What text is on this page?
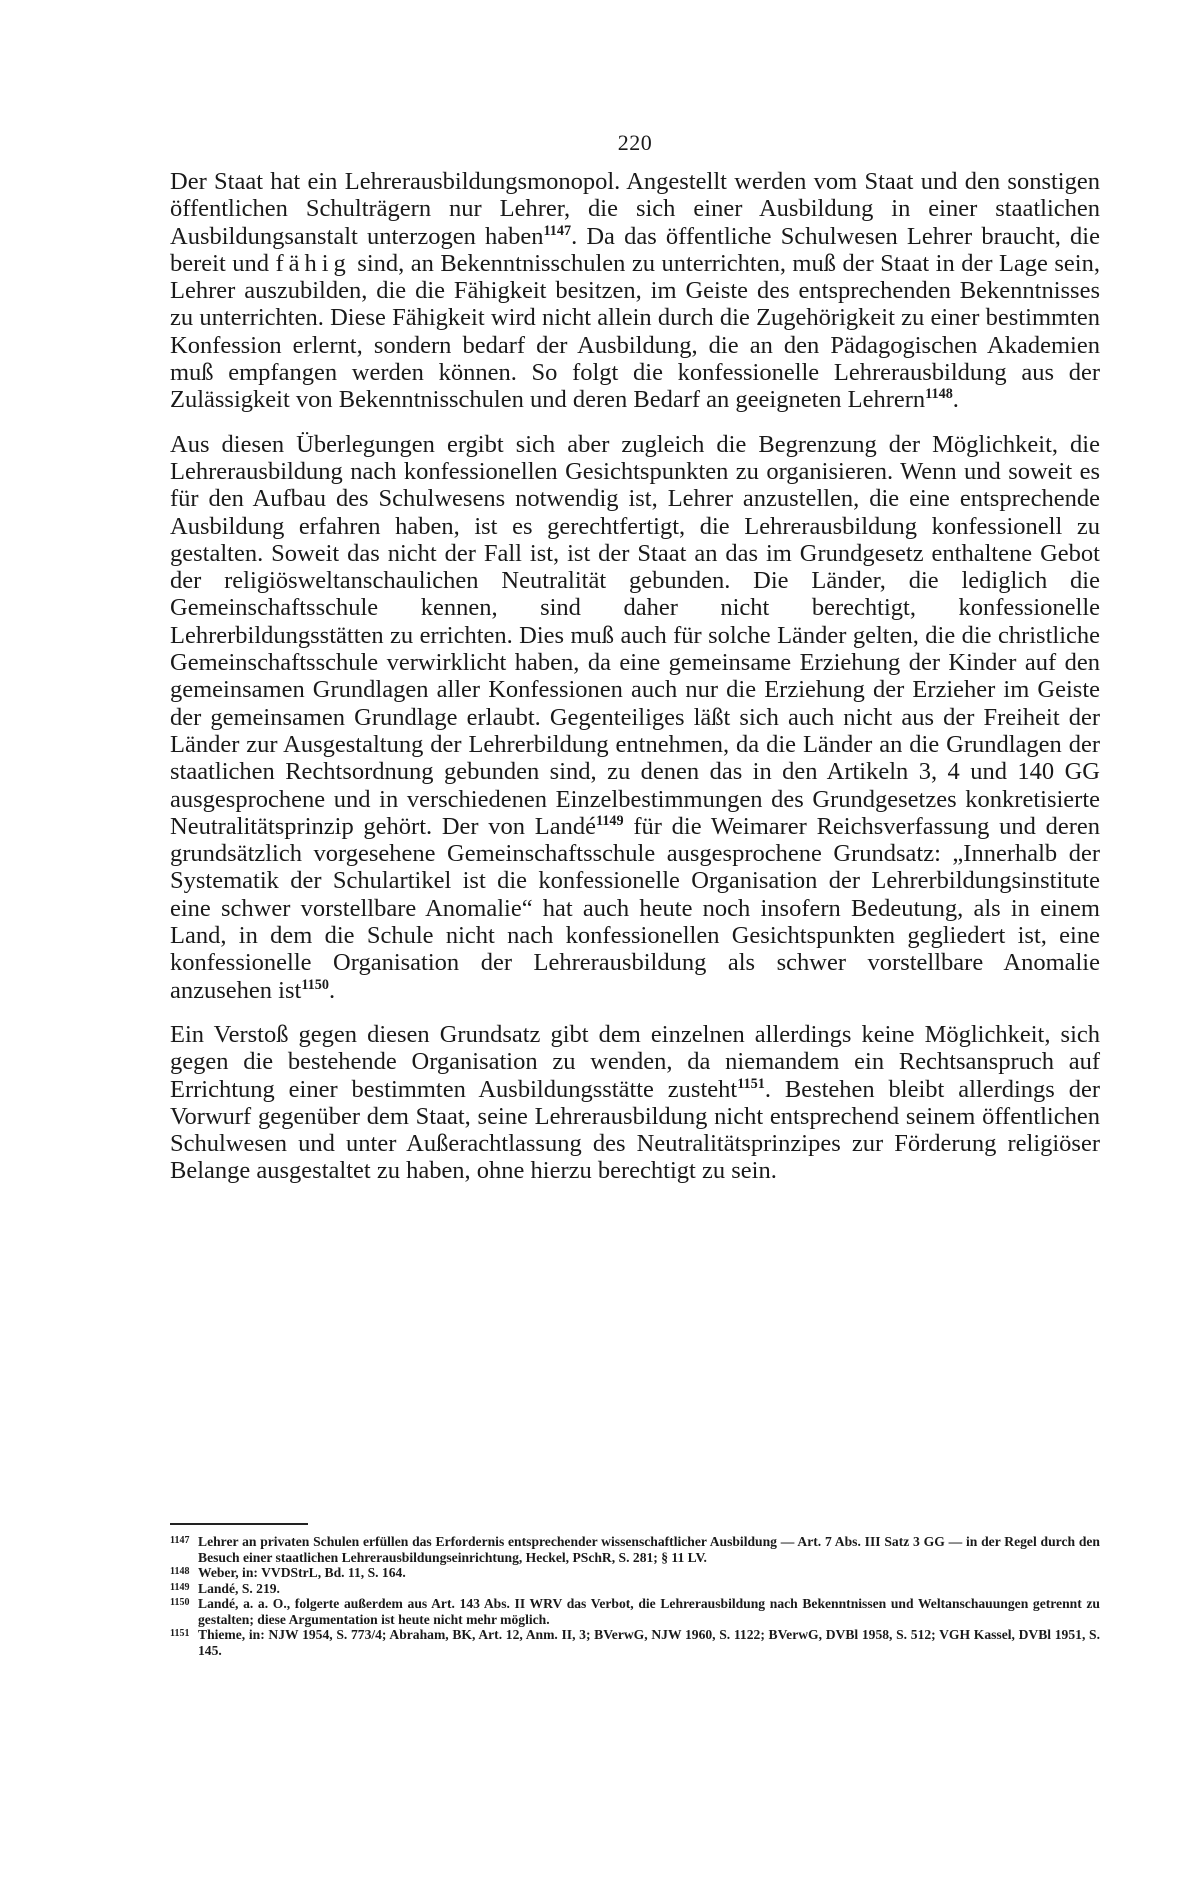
220

Der Staat hat ein Lehrerausbildungsmonopol. Angestellt werden vom Staat und den sonstigen öffentlichen Schulträgern nur Lehrer, die sich einer Ausbildung in einer staatlichen Ausbildungsanstalt unterzogen haben$^{1147}$. Da das öffentliche Schulwesen Lehrer braucht, die bereit und fähig sind, an Bekenntnisschulen zu unterrichten, muß der Staat in der Lage sein, Lehrer auszubilden, die die Fähigkeit besitzen, im Geiste des entsprechenden Bekenntnisses zu unterrichten. Diese Fähigkeit wird nicht allein durch die Zugehörigkeit zu einer bestimmten Konfession erlernt, sondern bedarf der Ausbildung, die an den Pädagogischen Akademien muß empfangen werden können. So folgt die konfessionelle Lehrerausbildung aus der Zulässigkeit von Bekenntnisschulen und deren Bedarf an geeigneten Lehrern$^{1148}$.

Aus diesen Überlegungen ergibt sich aber zugleich die Begrenzung der Möglichkeit, die Lehrerausbildung nach konfessionellen Gesichtspunkten zu organisieren. Wenn und soweit es für den Aufbau des Schulwesens notwendig ist, Lehrer anzustellen, die eine entsprechende Ausbildung erfahren haben, ist es gerechtfertigt, die Lehrerausbildung konfessionell zu gestalten. Soweit das nicht der Fall ist, ist der Staat an das im Grundgesetz enthaltene Gebot der religiösweltanschaulichen Neutralität gebunden. Die Länder, die lediglich die Gemeinschaftsschule kennen, sind daher nicht berechtigt, konfessionelle Lehrerbildungsstätten zu errichten. Dies muß auch für solche Länder gelten, die die christliche Gemeinschaftsschule verwirklicht haben, da eine gemeinsame Erziehung der Kinder auf den gemeinsamen Grundlagen aller Konfessionen auch nur die Erziehung der Erzieher im Geiste der gemeinsamen Grundlage erlaubt. Gegenteiliges läßt sich auch nicht aus der Freiheit der Länder zur Ausgestaltung der Lehrerbildung entnehmen, da die Länder an die Grundlagen der staatlichen Rechtsordnung gebunden sind, zu denen das in den Artikeln 3, 4 und 140 GG ausgesprochene und in verschiedenen Einzelbestimmungen des Grundgesetzes konkretisierte Neutralitätsprinzip gehört. Der von Landé$^{1149}$ für die Weimarer Reichsverfassung und deren grundsätzlich vorgesehene Gemeinschaftsschule ausgesprochene Grundsatz: „Innerhalb der Systematik der Schulartikel ist die konfessionelle Organisation der Lehrerbildungsinstitute eine schwer vorstellbare Anomalie“ hat auch heute noch insofern Bedeutung, als in einem Land, in dem die Schule nicht nach konfessionellen Gesichtspunkten gegliedert ist, eine konfessionelle Organisation der Lehrerausbildung als schwer vorstellbare Anomalie anzusehen ist$^{1150}$.

Ein Verstoß gegen diesen Grundsatz gibt dem einzelnen allerdings keine Möglichkeit, sich gegen die bestehende Organisation zu wenden, da niemandem ein Rechtsanspruch auf Errichtung einer bestimmten Ausbildungsstätte zusteht$^{1151}$. Bestehen bleibt allerdings der Vorwurf gegenüber dem Staat, seine Lehrerausbildung nicht entsprechend seinem öffentlichen Schulwesen und unter Außerachtlassung des Neutralitätsprinzipes zur Förderung religiöser Belange ausgestaltet zu haben, ohne hierzu berechtigt zu sein.

1147 Lehrer an privaten Schulen erfüllen das Erfordernis entsprechender wissenschaftlicher Ausbildung — Art. 7 Abs. III Satz 3 GG — in der Regel durch den Besuch einer staatlichen Lehrerausbildungseinrichtung, Heckel, PSchR, S. 281; § 11 LV.

1148 Weber, in: VVDStrL, Bd. 11, S. 164.

1149 Landé, S. 219.

1150 Landé, a. a. O., folgerte außerdem aus Art. 143 Abs. II WRV das Verbot, die Lehrerausbildung nach Bekenntnissen und Weltanschauungen getrennt zu gestalten; diese Argumentation ist heute nicht mehr möglich.

1151 Thieme, in: NJW 1954, S. 773/4; Abraham, BK, Art. 12, Anm. II, 3; BVerwG, NJW 1960, S. 1122; BVerwG, DVBl 1958, S. 512; VGH Kassel, DVBl 1951, S. 145.
